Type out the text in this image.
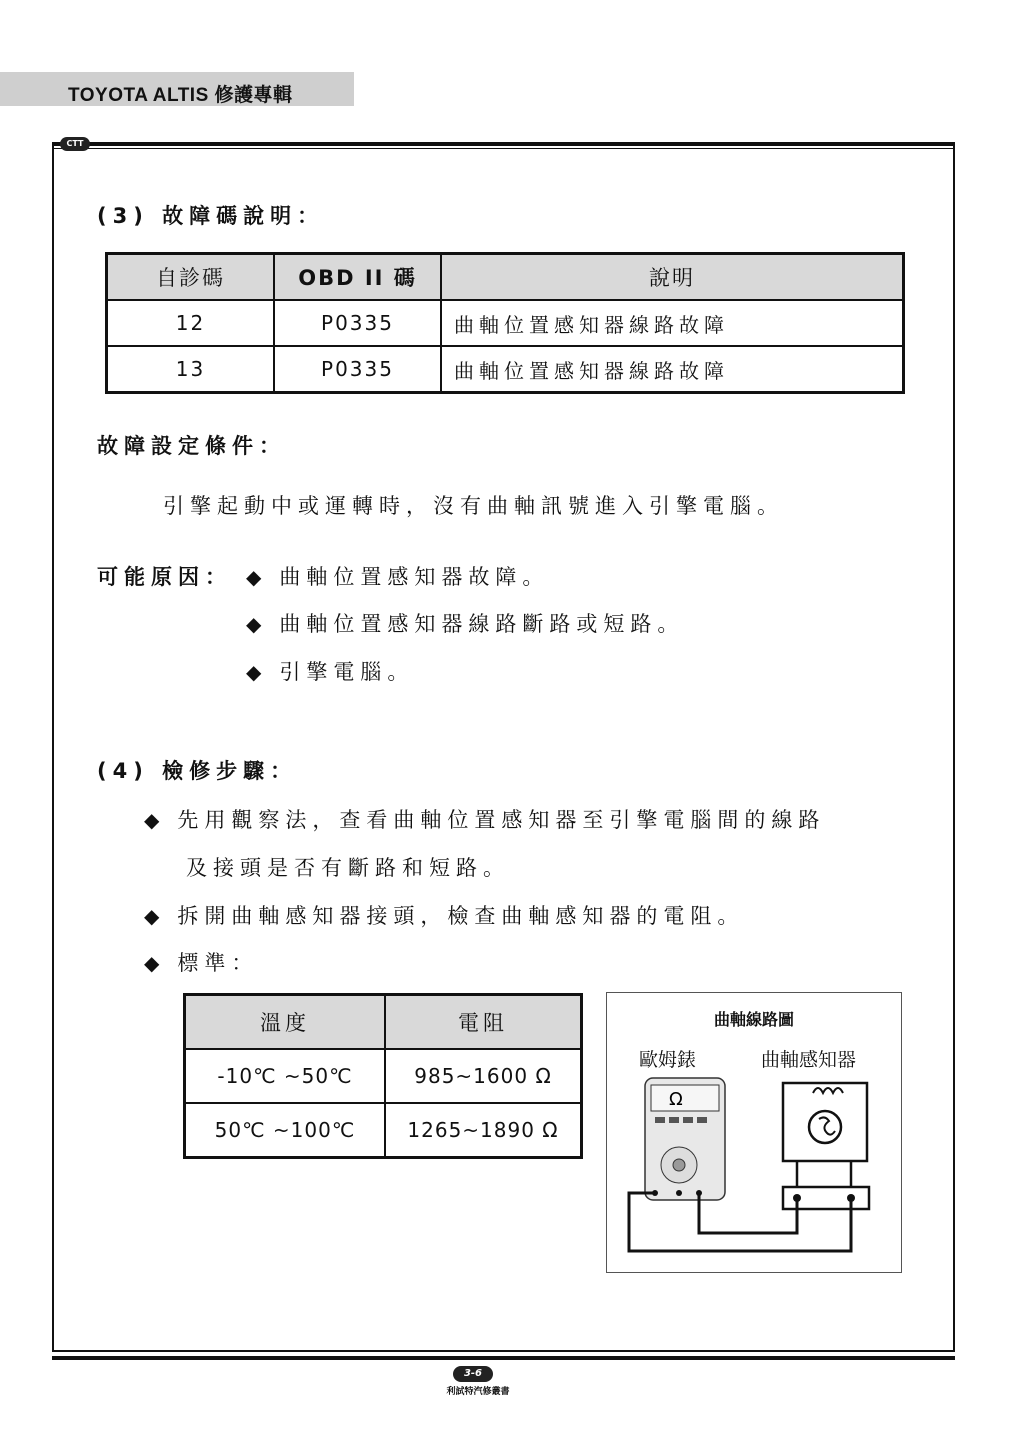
TOYOTA ALTIS 修護專輯
CTT
(3) 故障碼說明：
自診碼	OBD II 碼	說明
12	P0335	曲軸位置感知器線路故障
13	P0335	曲軸位置感知器線路故障
故障設定條件：
引擎起動中或運轉時，沒有曲軸訊號進入引擎電腦。
可能原因： ◆ 曲軸位置感知器故障。
◆ 曲軸位置感知器線路斷路或短路。
◆ 引擎電腦。
(4) 檢修步驟：
◆ 先用觀察法，查看曲軸位置感知器至引擎電腦間的線路
及接頭是否有斷路和短路。
◆ 拆開曲軸感知器接頭，檢查曲軸感知器的電阻。
◆ 標準：
溫度	電阻
-10℃ ~50℃	985~1600 Ω
50℃ ~100℃	1265~1890 Ω
曲軸線路圖
歐姆錶	曲軸感知器
Ω
3-6
利試特汽修叢書
